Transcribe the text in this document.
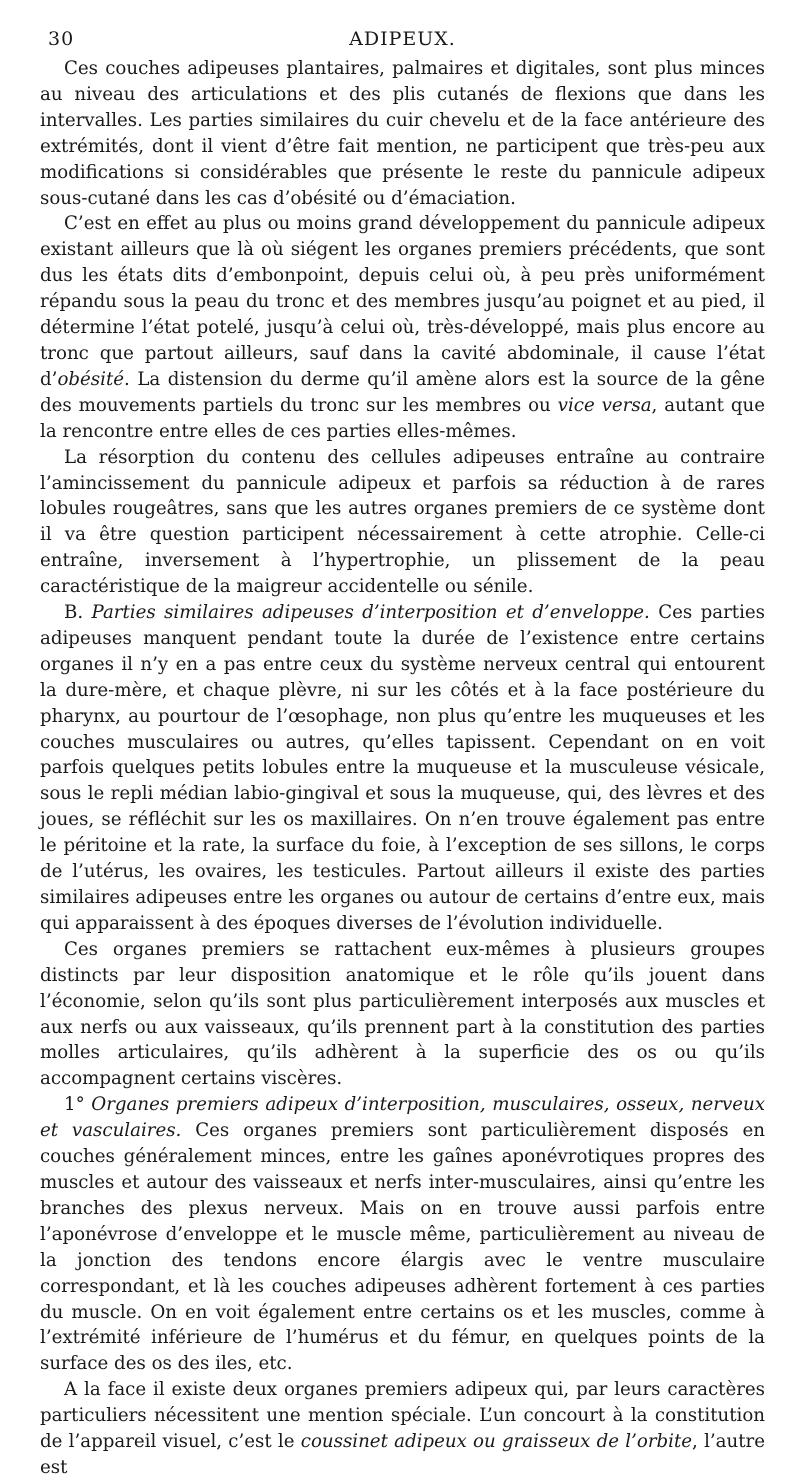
30	ADIPEUX.

Ces couches adipeuses plantaires, palmaires et digitales, sont plus minces au niveau des articulations et des plis cutanés de flexions que dans les intervalles. Les parties similaires du cuir chevelu et de la face antérieure des extrémités, dont il vient d’être fait mention, ne participent que très-peu aux modifications si considérables que présente le reste du pannicule adipeux sous-cutané dans les cas d’obésité ou d’émaciation.

C’est en effet au plus ou moins grand développement du pannicule adipeux existant ailleurs que là où siégent les organes premiers précédents, que sont dus les états dits d’embonpoint, depuis celui où, à peu près uniformément répandu sous la peau du tronc et des membres jusqu’au poignet et au pied, il détermine l’état potelé, jusqu’à celui où, très-développé, mais plus encore au tronc que partout ailleurs, sauf dans la cavité abdominale, il cause l’état d’obésité. La distension du derme qu’il amène alors est la source de la gêne des mouvements partiels du tronc sur les membres ou vice versa, autant que la rencontre entre elles de ces parties elles-mêmes.

La résorption du contenu des cellules adipeuses entraîne au contraire l’amincissement du pannicule adipeux et parfois sa réduction à de rares lobules rougeâtres, sans que les autres organes premiers de ce système dont il va être question participent nécessairement à cette atrophie. Celle-ci entraîne, inversement à l’hypertrophie, un plissement de la peau caractéristique de la maigreur accidentelle ou sénile.

B. Parties similaires adipeuses d’interposition et d’enveloppe. Ces parties adipeuses manquent pendant toute la durée de l’existence entre certains organes il n’y en a pas entre ceux du système nerveux central qui entourent la dure-mère, et chaque plèvre, ni sur les côtés et à la face postérieure du pharynx, au pourtour de l’œsophage, non plus qu’entre les muqueuses et les couches musculaires ou autres, qu’elles tapissent. Cependant on en voit parfois quelques petits lobules entre la muqueuse et la musculeuse vésicale, sous le repli médian labio-gingival et sous la muqueuse, qui, des lèvres et des joues, se réfléchit sur les os maxillaires. On n’en trouve également pas entre le péritoine et la rate, la surface du foie, à l’exception de ses sillons, le corps de l’utérus, les ovaires, les testicules. Partout ailleurs il existe des parties similaires adipeuses entre les organes ou autour de certains d’entre eux, mais qui apparaissent à des époques diverses de l’évolution individuelle.

Ces organes premiers se rattachent eux-mêmes à plusieurs groupes distincts par leur disposition anatomique et le rôle qu’ils jouent dans l’économie, selon qu’ils sont plus particulièrement interposés aux muscles et aux nerfs ou aux vaisseaux, qu’ils prennent part à la constitution des parties molles articulaires, qu’ils adhèrent à la superficie des os ou qu’ils accompagnent certains viscères.

1° Organes premiers adipeux d’interposition, musculaires, osseux, nerveux et vasculaires. Ces organes premiers sont particulièrement disposés en couches généralement minces, entre les gaînes aponévrotiques propres des muscles et autour des vaisseaux et nerfs inter-musculaires, ainsi qu’entre les branches des plexus nerveux. Mais on en trouve aussi parfois entre l’aponévrose d’enveloppe et le muscle même, particulièrement au niveau de la jonction des tendons encore élargis avec le ventre musculaire correspondant, et là les couches adipeuses adhèrent fortement à ces parties du muscle. On en voit également entre certains os et les muscles, comme à l’extrémité inférieure de l’humérus et du fémur, en quelques points de la surface des os des iles, etc.

A la face il existe deux organes premiers adipeux qui, par leurs caractères particuliers nécessitent une mention spéciale. L’un concourt à la constitution de l’appareil visuel, c’est le coussinet adipeux ou graisseux de l’orbite, l’autre est
